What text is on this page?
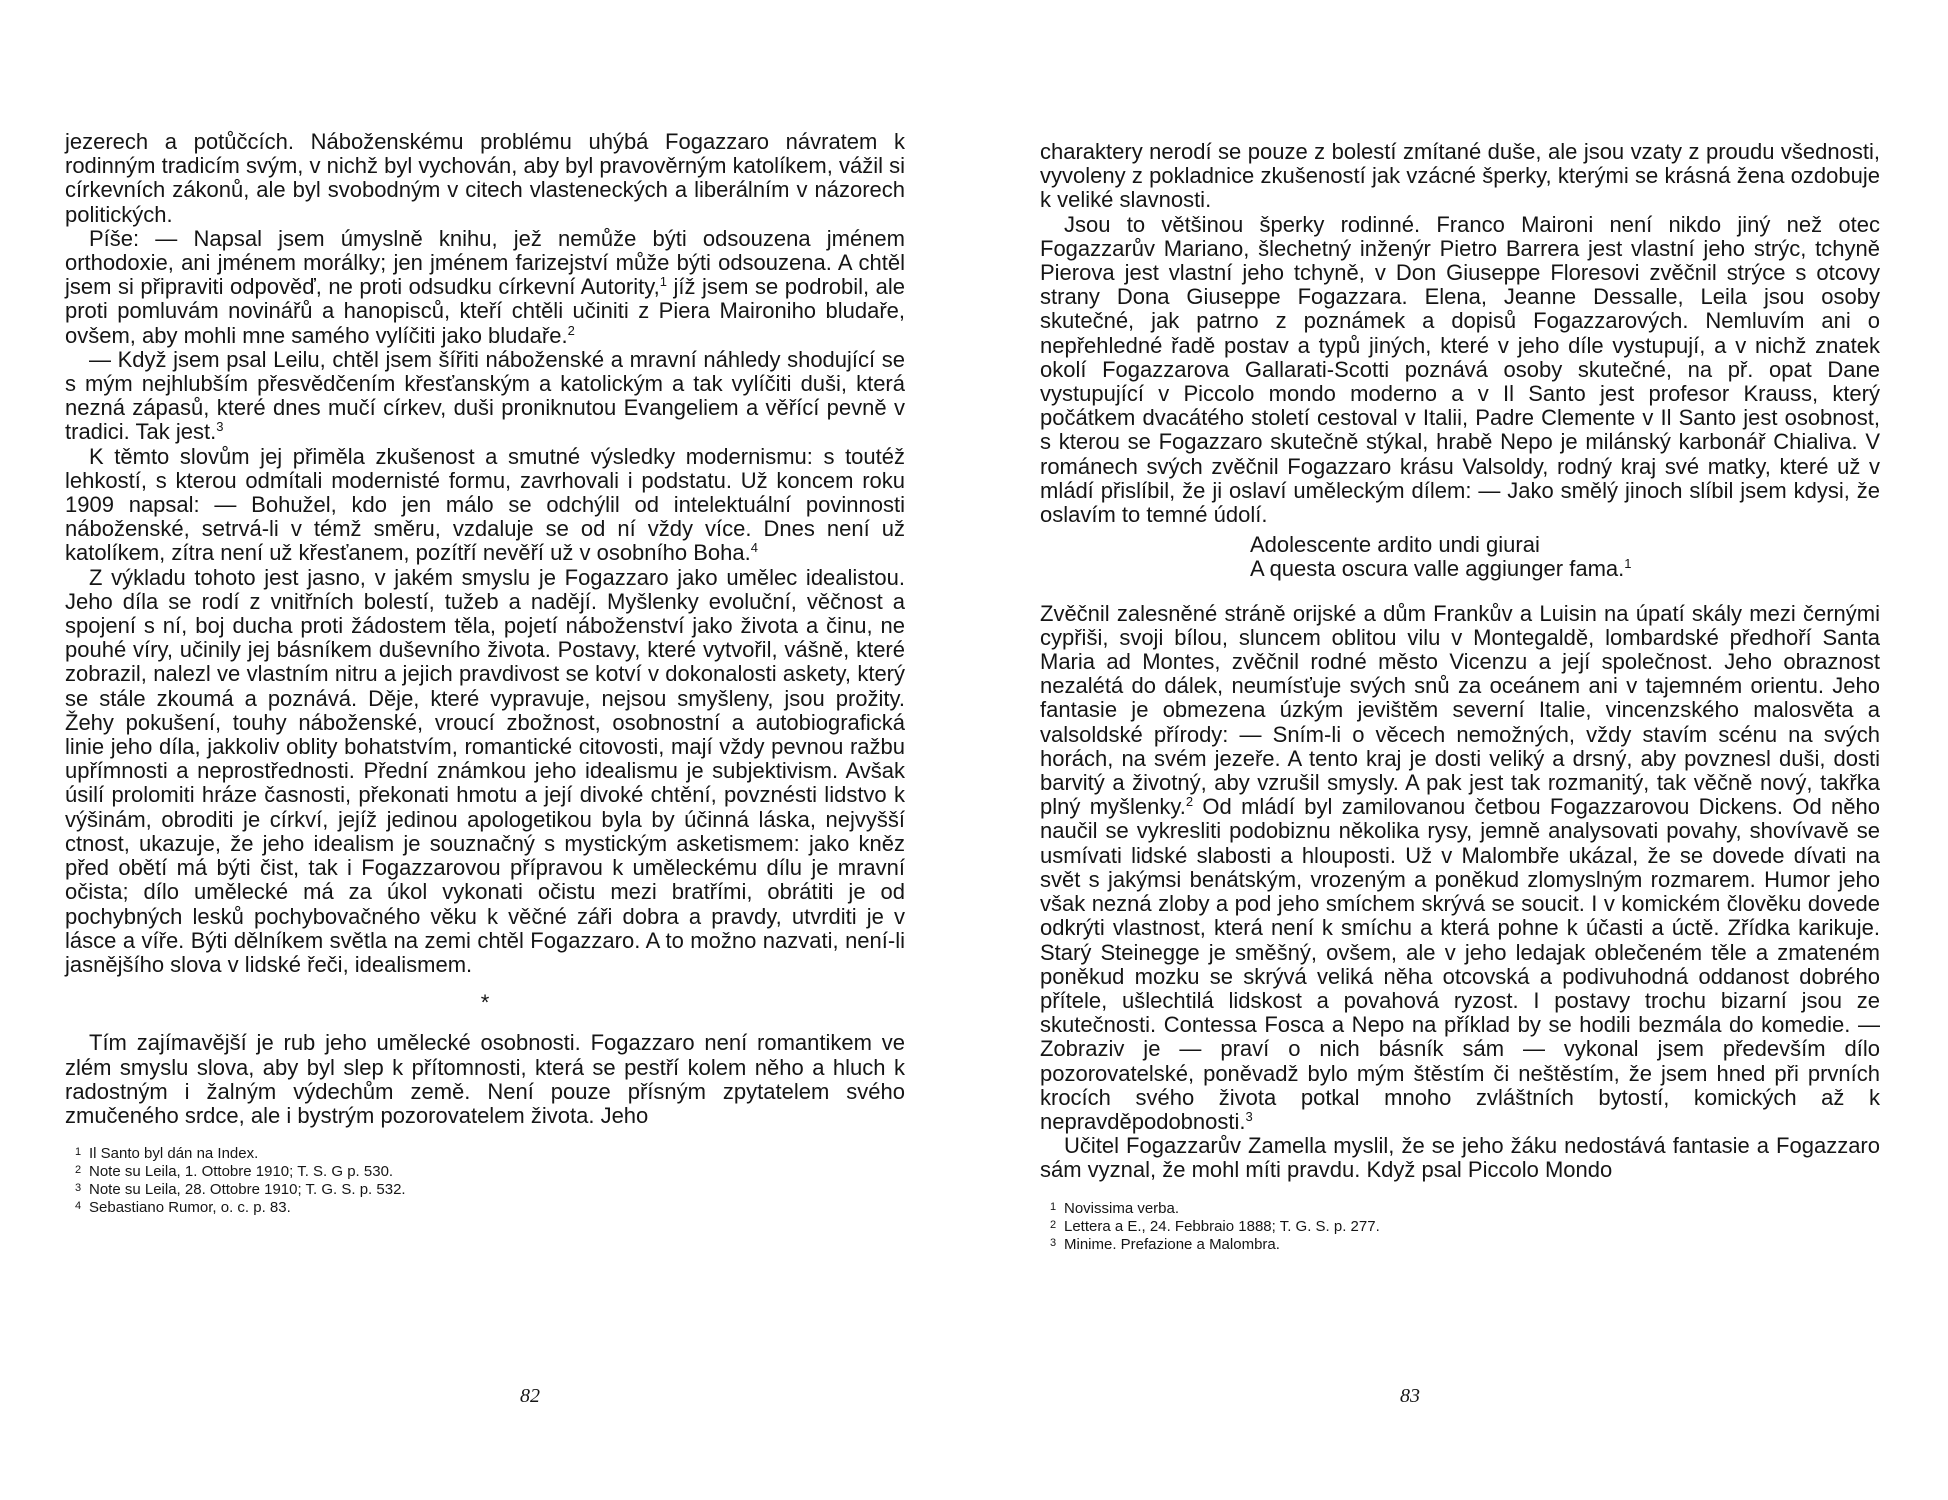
jezerech a potůčcích. Náboženskému problému uhýbá Fogazzaro návratem k rodinným tradicím svým, v nichž byl vychován, aby byl pravověrným katolíkem, vážil si církevních zákonů, ale byl svobodným v citech vlasteneckých a liberálním v názorech politických.

Píše: — Napsal jsem úmyslně knihu, jež nemůže býti odsouzena jménem orthodoxie, ani jménem morálky; jen jménem farizejství může býti odsouzena. A chtěl jsem si připraviti odpověď, ne proti odsudku církevní Autority,$^1$ jíž jsem se podrobil, ale proti pomluvám novinářů a hanopisců, kteří chtěli učiniti z Piera Maironiho bludaře, ovšem, aby mohli mne samého vylíčiti jako bludaře.$^2$

— Když jsem psal Leilu, chtěl jsem šířiti náboženské a mravní náhledy shodující se s mým nejhlubším přesvědčením křesťanským a katolickým a tak vylíčiti duši, která nezná zápasů, které dnes mučí církev, duši proniknutou Evangeliem a věřící pevně v tradici. Tak jest.$^3$

K těmto slovům jej přiměla zkušenost a smutné výsledky modernismu: s toutéž lehkostí, s kterou odmítali modernisté formu, zavrhovali i podstatu. Už koncem roku 1909 napsal: — Bohužel, kdo jen málo se odchýlil od intelektuální povinnosti náboženské, setrvá-li v témž směru, vzdaluje se od ní vždy více. Dnes není už katolíkem, zítra není už křesťanem, pozítří nevěří už v osobního Boha.$^4$

Z výkladu tohoto jest jasno, v jakém smyslu je Fogazzaro jako umělec idealistou. Jeho díla se rodí z vnitřních bolestí, tužeb a nadějí. Myšlenky evoluční, věčnost a spojení s ní, boj ducha proti žádostem těla, pojetí náboženství jako života a činu, ne pouhé víry, učinily jej básníkem duševního života. Postavy, které vytvořil, vášně, které zobrazil, nalezl ve vlastním nitru a jejich pravdivost se kotví v dokonalosti askety, který se stále zkoumá a poznává. Děje, které vypravuje, nejsou smyšleny, jsou prožity. Žehy pokušení, touhy náboženské, vroucí zbožnost, osobnostní a autobiografická linie jeho díla, jakkoliv oblity bohatstvím, romantické citovosti, mají vždy pevnou ražbu upřímnosti a neprostřednosti. Přední známkou jeho idealismu je subjektivism. Avšak úsilí prolomiti hráze časnosti, překonati hmotu a její divoké chtění, povznésti lidstvo k výšinám, obroditi je církví, jejíž jedinou apologetikou byla by účinná láska, nejvyšší ctnost, ukazuje, že jeho idealism je souznačný s mystickým asketismem: jako kněz před obětí má býti čist, tak i Fogazzarovou přípravou k uměleckému dílu je mravní očista; dílo umělecké má za úkol vykonati očistu mezi bratřími, obrátiti je od pochybných lesků pochybovačného věku k věčné záři dobra a pravdy, utvrditi je v lásce a víře. Býti dělníkem světla na zemi chtěl Fogazzaro. A to možno nazvati, není-li jasnějšího slova v lidské řeči, idealismem.

*

Tím zajímavější je rub jeho umělecké osobnosti. Fogazzaro není romantikem ve zlém smyslu slova, aby byl slep k přítomnosti, která se pestří kolem něho a hluch k radostným i žalným výdechům země. Není pouze přísným zpytatelem svého zmučeného srdce, ale i bystrým pozorovatelem života. Jeho

1 Il Santo byl dán na Index.

2 Note su Leila, 1. Ottobre 1910; T. S. G p. 530.

3 Note su Leila, 28. Ottobre 1910; T. G. S. p. 532.

4 Sebastiano Rumor, o. c. p. 83.

82

charaktery nerodí se pouze z bolestí zmítané duše, ale jsou vzaty z proudu všednosti, vyvoleny z pokladnice zkušeností jak vzácné šperky, kterými se krásná žena ozdobuje k veliké slavnosti.

Jsou to většinou šperky rodinné. Franco Maironi není nikdo jiný než otec Fogazzarův Mariano, šlechetný inženýr Pietro Barrera jest vlastní jeho strýc, tchyně Pierova jest vlastní jeho tchyně, v Don Giuseppe Floresovi zvěčnil strýce s otcovy strany Dona Giuseppe Fogazzara. Elena, Jeanne Dessalle, Leila jsou osoby skutečné, jak patrno z poznámek a dopisů Fogazzarových. Nemluvím ani o nepřehledné řadě postav a typů jiných, které v jeho díle vystupují, a v nichž znatek okolí Fogazzarova Gallarati-Scotti poznává osoby skutečné, na př. opat Dane vystupující v Piccolo mondo moderno a v Il Santo jest profesor Krauss, který počátkem dvacátého století cestoval v Italii, Padre Clemente v Il Santo jest osobnost, s kterou se Fogazzaro skutečně stýkal, hrabě Nepo je milánský karbonář Chialiva. V románech svých zvěčnil Fogazzaro krásu Valsoldy, rodný kraj své matky, které už v mládí přislíbil, že ji oslaví uměleckým dílem: — Jako smělý jinoch slíbil jsem kdysi, že oslavím to temné údolí.

Adolescente ardito undi giurai

A questa oscura valle aggiunger fama.$^1$

Zvěčnil zalesněné stráně orijské a dům Frankův a Luisin na úpatí skály mezi černými cypřiši, svoji bílou, sluncem oblitou vilu v Montegaldě, lombardské předhoří Santa Maria ad Montes, zvěčnil rodné město Vicenzu a její společnost. Jeho obraznost nezalétá do dálek, neumísťuje svých snů za oceánem ani v tajemném orientu. Jeho fantasie je obmezena úzkým jevištěm severní Italie, vincenzského malosvěta a valsoldské přírody: — Sním-li o věcech nemožných, vždy stavím scénu na svých horách, na svém jezeře. A tento kraj je dosti veliký a drsný, aby povznesl duši, dosti barvitý a životný, aby vzrušil smysly. A pak jest tak rozmanitý, tak věčně nový, takřka plný myšlenky.$^2$ Od mládí byl zamilovanou četbou Fogazzarovou Dickens. Od něho naučil se vykresliti podobiznu několika rysy, jemně analysovati povahy, shovívavě se usmívati lidské slabosti a hlouposti. Už v Malombře ukázal, že se dovede dívati na svět s jakýmsi benátským, vrozeným a poněkud zlomyslným rozmarem. Humor jeho však nezná zloby a pod jeho smíchem skrývá se soucit. I v komickém člověku dovede odkrýti vlastnost, která není k smíchu a která pohne k účasti a úctě. Zřídka karikuje. Starý Steinegge je směšný, ovšem, ale v jeho ledajak oblečeném těle a zmateném poněkud mozku se skrývá veliká něha otcovská a podivuhodná oddanost dobrého přítele, ušlechtilá lidskost a povahová ryzost. I postavy trochu bizarní jsou ze skutečnosti. Contessa Fosca a Nepo na příklad by se hodili bezmála do komedie. — Zobraziv je — praví o nich básník sám — vykonal jsem především dílo pozorovatelské, poněvadž bylo mým štěstím či neštěstím, že jsem hned při prvních krocích svého života potkal mnoho zvláštních bytostí, komických až k nepravděpodobnosti.$^3$

Učitel Fogazzarův Zamella myslil, že se jeho žáku nedostává fantasie a Fogazzaro sám vyznal, že mohl míti pravdu. Když psal Piccolo Mondo

1 Novissima verba.

2 Lettera a E., 24. Febbraio 1888; T. G. S. p. 277.

3 Minime. Prefazione a Malombra.

83
